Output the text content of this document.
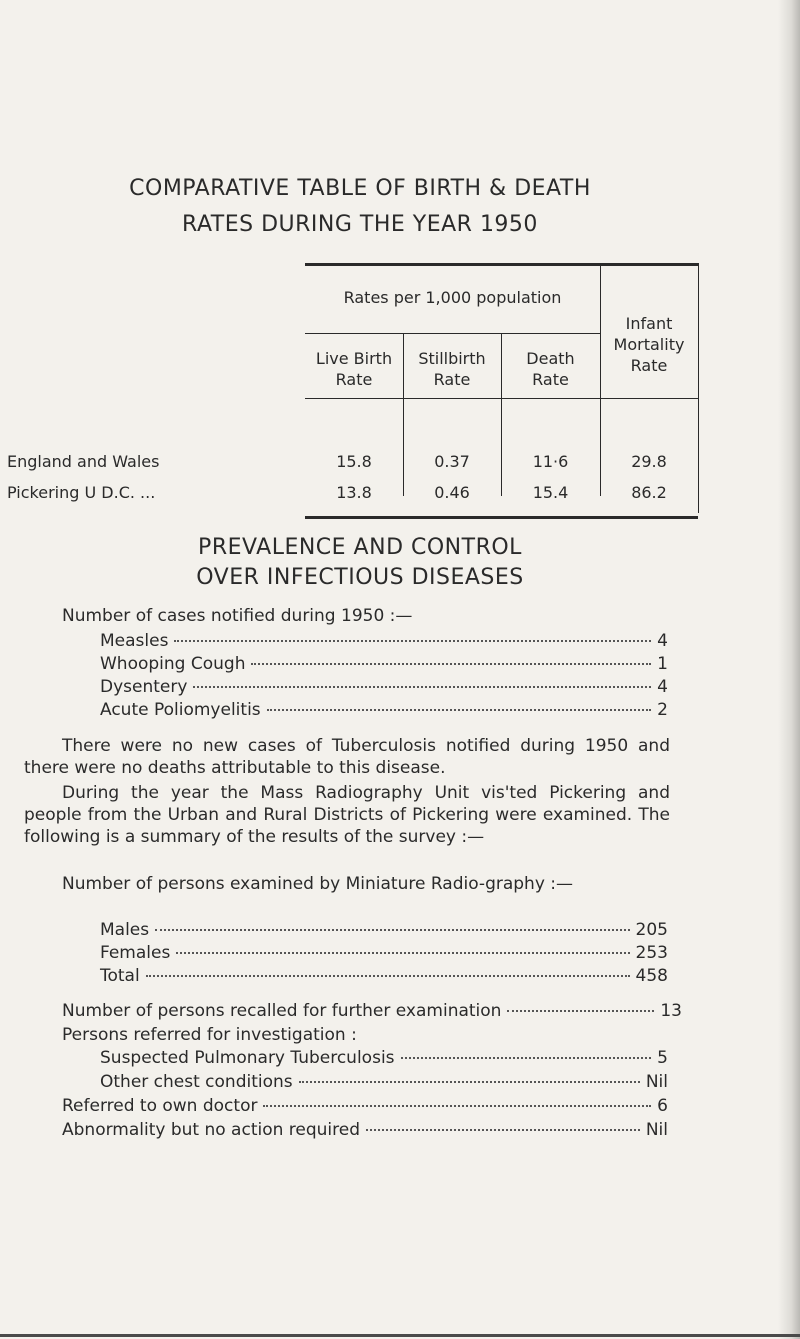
COMPARATIVE TABLE OF BIRTH & DEATH
RATES DURING THE YEAR 1950
Rates per 1,000 population
Live Birth
Rate
Stillbirth
Rate
Death
Rate
Infant
Mortality
Rate
England and Wales	15.8	0.37	11·6	29.8
Pickering U D.C. ...	13.8	0.46	15.4	86.2
PREVALENCE AND CONTROL
OVER INFECTIOUS DISEASES
Number of cases notified during 1950 :—
Measles	4
Whooping Cough	1
Dysentery	4
Acute Poliomyelitis	2
There were no new cases of Tuberculosis notified during 1950 and there were no deaths attributable to this disease.
During the year the Mass Radiography Unit vis'ted Pickering and people from the Urban and Rural Districts of Pickering were examined. The following is a summary of the results of the survey :—
Number of persons examined by Miniature Radio-graphy :—
Males	205
Females	253
Total	458
Number of persons recalled for further examination	13
Persons referred for investigation :
Suspected Pulmonary Tuberculosis	5
Other chest conditions	Nil
Referred to own doctor	6
Abnormality but no action required	Nil
